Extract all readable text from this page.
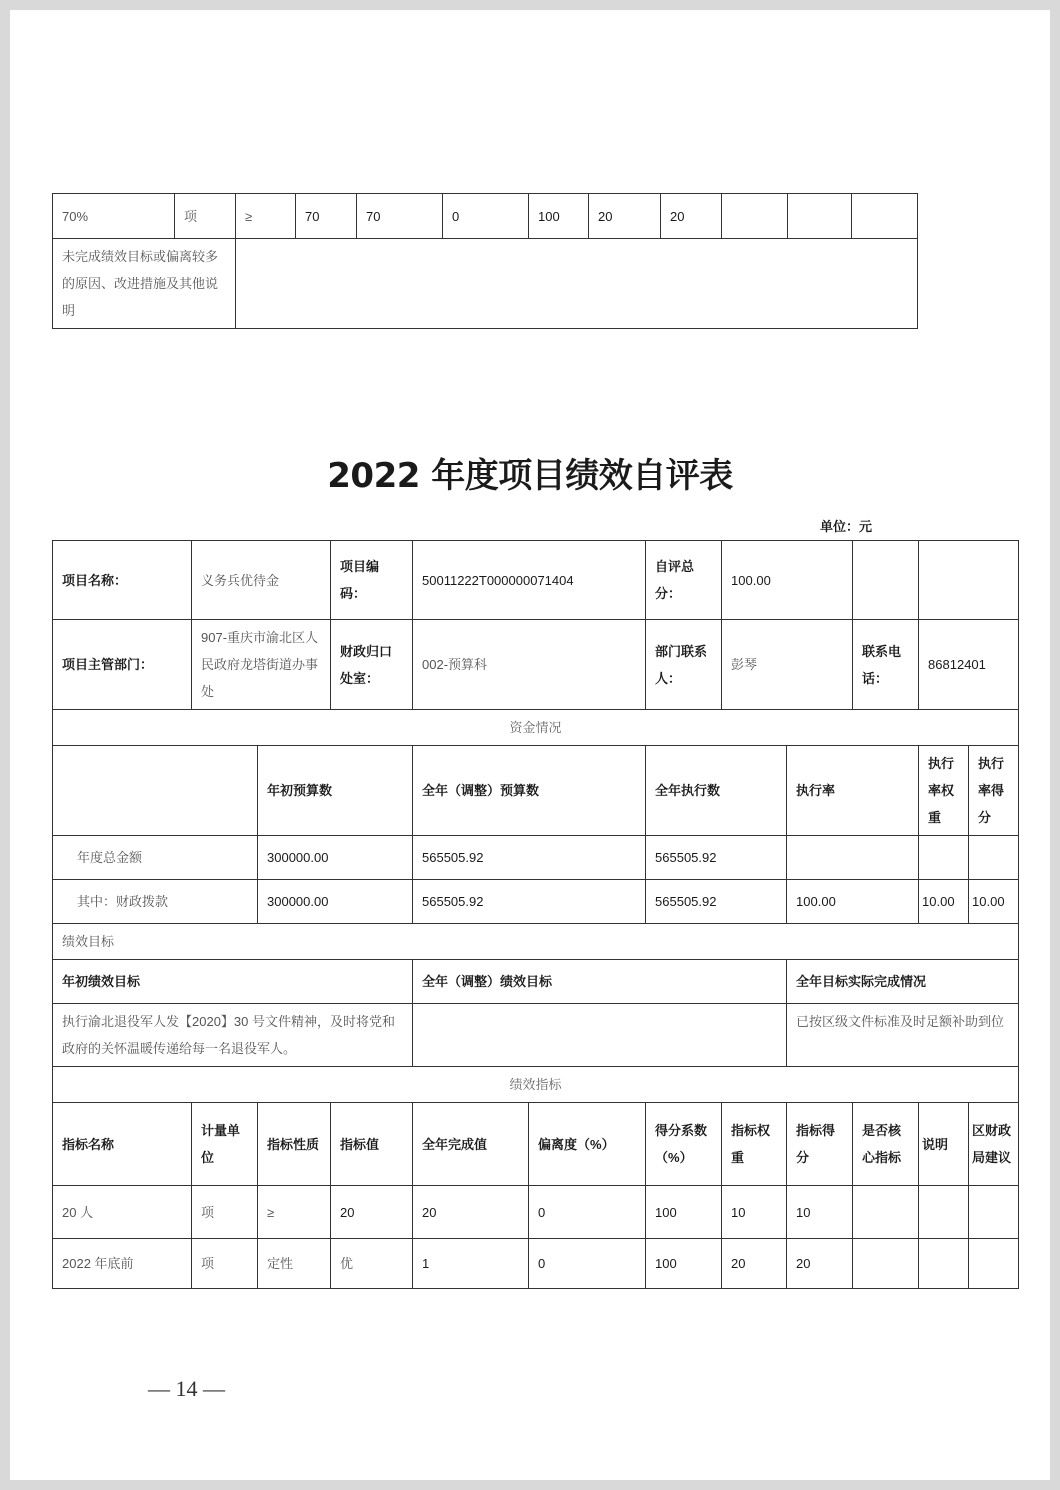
70%	项	≥	70	70	0	100	20	20			
未完成绩效目标或偏离较多的原因、改进措施及其他说明											
2022 年度项目绩效自评表
单位：元
项目名称：	义务兵优待金		项目编码：	50011222T000000071404		自评总分：	100.00				
项目主管部门：	907-重庆市渝北区人民政府龙塔街道办事处		财政归口处室：	002-预算科		部门联系人：	彭琴		联系电话：	86812401	
资金情况											
		年初预算数		全年（调整）预算数		全年执行数		执行率		执行率权重	执行率得分
年度总金额		300000.00		565505.92		565505.92					
其中：财政拨款		300000.00		565505.92		565505.92		100.00		10.00	10.00
绩效目标											
年初绩效目标				全年（调整）绩效目标				全年目标实际完成情况			
执行渝北退役军人发【2020】30 号文件精神，及时将党和政府的关怀温暖传递给每一名退役军人。								已按区级文件标准及时足额补助到位			
绩效指标											
指标名称	计量单位	指标性质	指标值	全年完成值	偏离度（%）	得分系数（%）	指标权重	指标得分	是否核心指标	说明	区财政局建议
20 人	项	≥	20	20	0	100	10	10			
2022 年底前	项	定性	优	1	0	100	20	20			
— 14 —
